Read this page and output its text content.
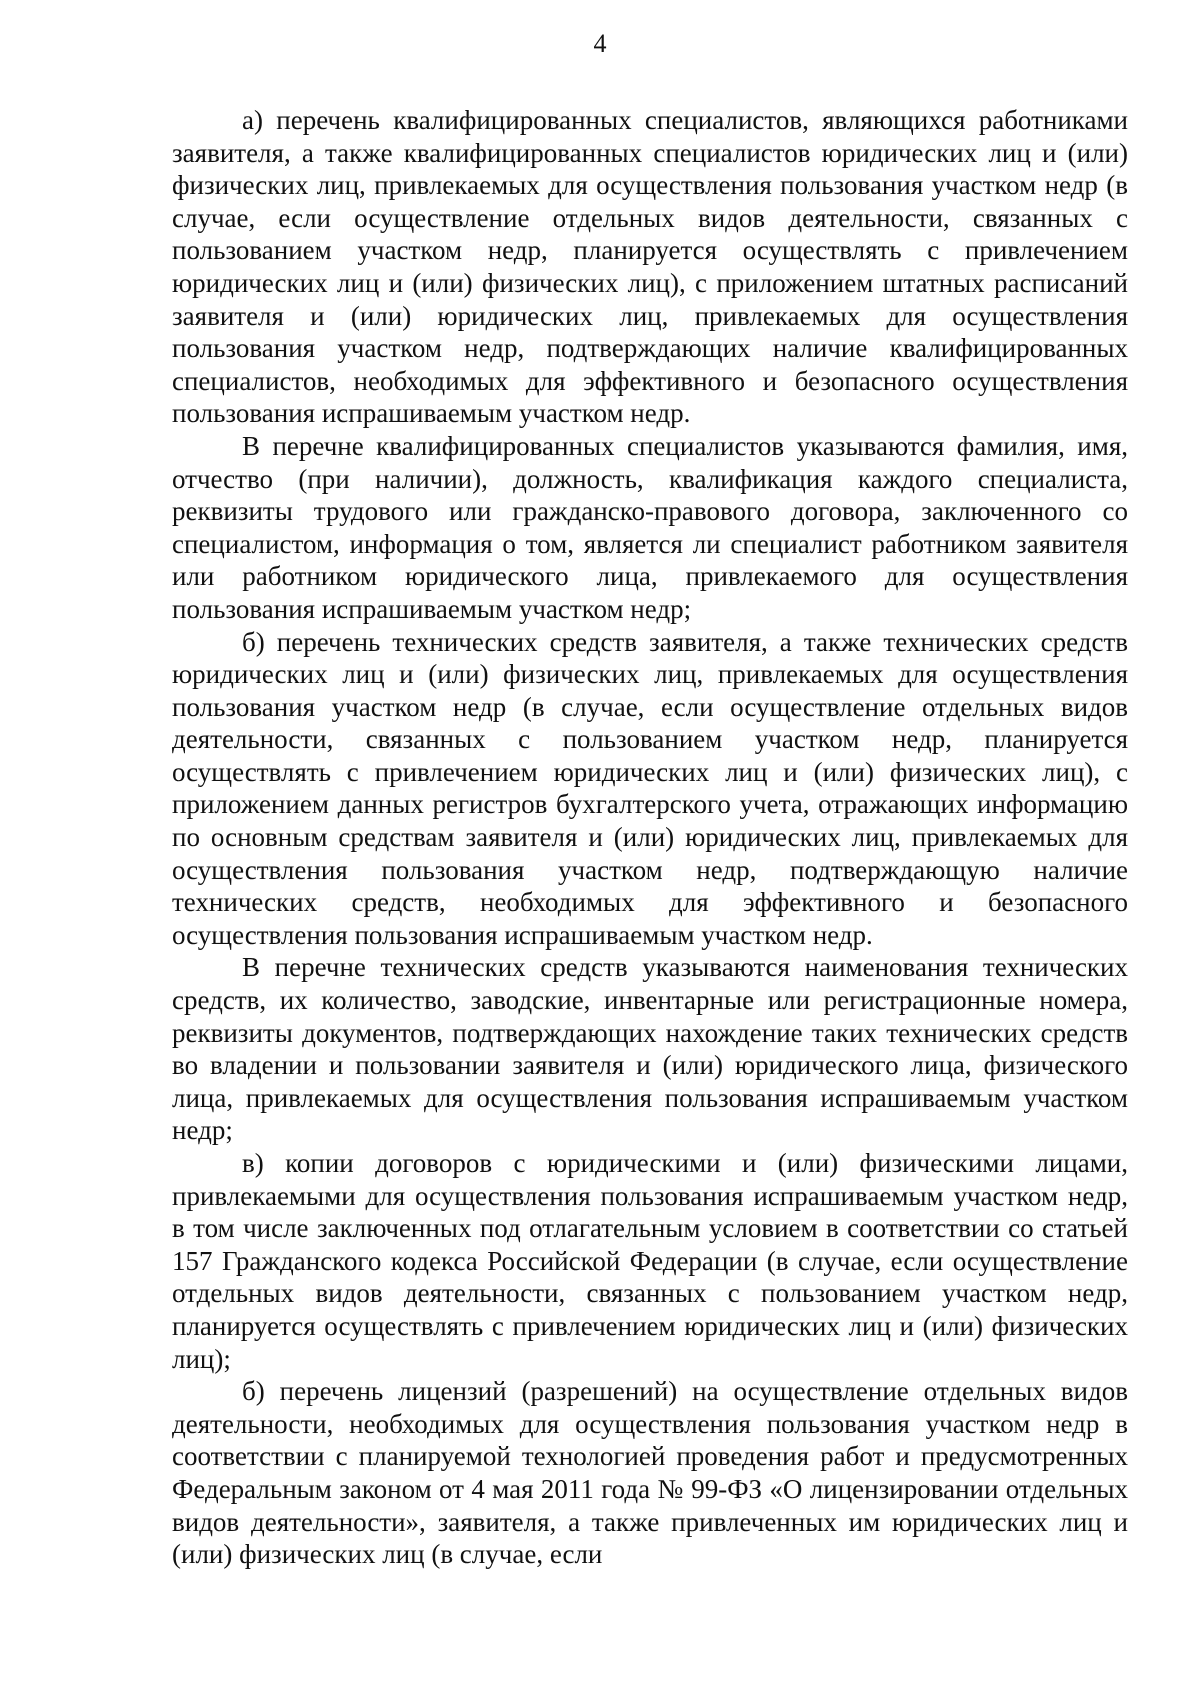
4

а) перечень квалифицированных специалистов, являющихся работниками заявителя, а также квалифицированных специалистов юридических лиц и (или) физических лиц, привлекаемых для осуществления пользования участком недр (в случае, если осуществление отдельных видов деятельности, связанных с пользованием участком недр, планируется осуществлять с привлечением юридических лиц и (или) физических лиц), с приложением штатных расписаний заявителя и (или) юридических лиц, привлекаемых для осуществления пользования участком недр, подтверждающих наличие квалифицированных специалистов, необходимых для эффективного и безопасного осуществления пользования испрашиваемым участком недр.

В перечне квалифицированных специалистов указываются фамилия, имя, отчество (при наличии), должность, квалификация каждого специалиста, реквизиты трудового или гражданско-правового договора, заключенного со специалистом, информация о том, является ли специалист работником заявителя или работником юридического лица, привлекаемого для осуществления пользования испрашиваемым участком недр;

б) перечень технических средств заявителя, а также технических средств юридических лиц и (или) физических лиц, привлекаемых для осуществления пользования участком недр (в случае, если осуществление отдельных видов деятельности, связанных с пользованием участком недр, планируется осуществлять с привлечением юридических лиц и (или) физических лиц), с приложением данных регистров бухгалтерского учета, отражающих информацию по основным средствам заявителя и (или) юридических лиц, привлекаемых для осуществления пользования участком недр, подтверждающую наличие технических средств, необходимых для эффективного и безопасного осуществления пользования испрашиваемым участком недр.

В перечне технических средств указываются наименования технических средств, их количество, заводские, инвентарные или регистрационные номера, реквизиты документов, подтверждающих нахождение таких технических средств во владении и пользовании заявителя и (или) юридического лица, физического лица, привлекаемых для осуществления пользования испрашиваемым участком недр;

в) копии договоров с юридическими и (или) физическими лицами, привлекаемыми для осуществления пользования испрашиваемым участком недр, в том числе заключенных под отлагательным условием в соответствии со статьей 157 Гражданского кодекса Российской Федерации (в случае, если осуществление отдельных видов деятельности, связанных с пользованием участком недр, планируется осуществлять с привлечением юридических лиц и (или) физических лиц);

б) перечень лицензий (разрешений) на осуществление отдельных видов деятельности, необходимых для осуществления пользования участком недр в соответствии с планируемой технологией проведения работ и предусмотренных Федеральным законом от 4 мая 2011 года № 99-ФЗ «О лицензировании отдельных видов деятельности», заявителя, а также привлеченных им юридических лиц и (или) физических лиц (в случае, если
